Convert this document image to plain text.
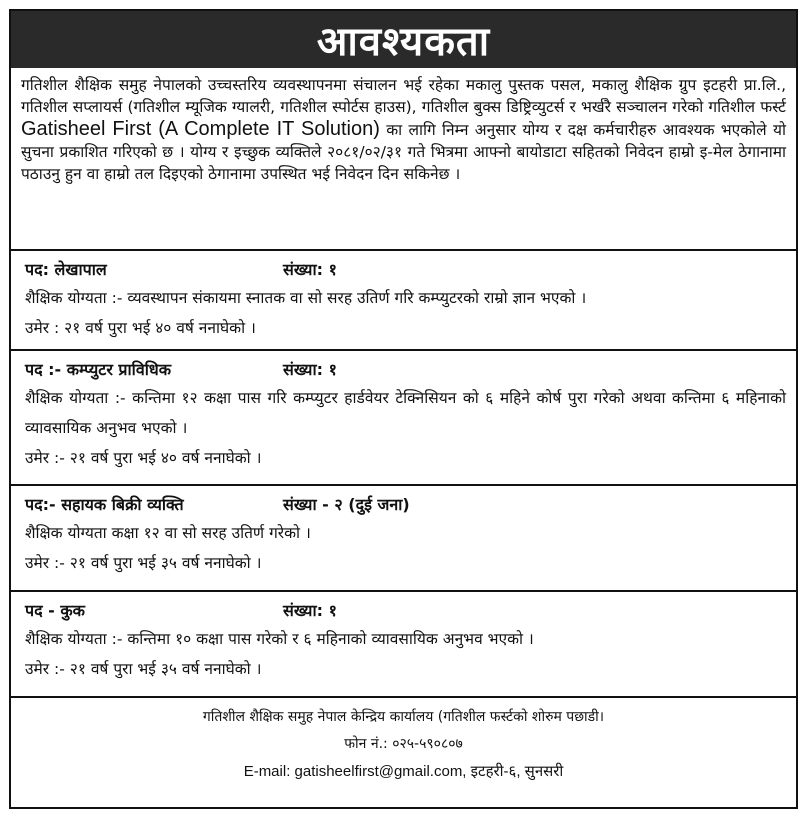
आवश्यकता
गतिशील शैक्षिक समुह नेपालको उच्चस्तरिय व्यवस्थापनमा संचालन भई रहेका मकालु पुस्तक पसल, मकालु शैक्षिक ग्रुप इटहरी प्रा.लि., गतिशील सप्लायर्स (गतिशील म्यूजिक ग्यालरी, गतिशील स्पोर्टस हाउस), गतिशील बुक्स डिष्ट्रिव्युटर्स र भर्खरै सञ्चालन गरेको गतिशील फर्स्ट Gatisheel First (A Complete IT Solution) का लागि निम्न अनुसार योग्य र दक्ष कर्मचारीहरु आवश्यक भएकोले यो सुचना प्रकाशित गरिएको छ । योग्य र इच्छुक व्यक्तिले २०८१/०२/३१ गते भित्रमा आफ्नो बायोडाटा सहितको निवेदन हाम्रो इ-मेल ठेगानामा पठाउनु हुन वा हाम्रो तल दिइएको ठेगानामा उपस्थित भई निवेदन दिन सकिनेछ ।
पद: लेखापाल	संख्या: १
शैक्षिक योग्यता :- व्यवस्थापन संकायमा स्नातक वा सो सरह उतिर्ण गरि कम्प्युटरको राम्रो ज्ञान भएको ।
उमेर : २१ वर्ष पुरा भई ४० वर्ष ननाघेको ।
पद :- कम्प्युटर प्राविधिक	संख्या: १
शैक्षिक योग्यता :- कन्तिमा १२ कक्षा पास गरि कम्प्युटर हार्डवेयर टेक्निसियन को ६ महिने कोर्ष पुरा गरेको अथवा कन्तिमा ६ महिनाको व्यावसायिक अनुभव भएको ।
उमेर :- २१ वर्ष पुरा भई ४० वर्ष ननाघेको ।
पद:- सहायक बिक्री व्यक्ति	संख्या - २ (दुई जना)
शैक्षिक योग्यता कक्षा १२ वा सो सरह उतिर्ण गरेको ।
उमेर :- २१ वर्ष पुरा भई ३५ वर्ष ननाघेको ।
पद - कुक	संख्या: १
शैक्षिक योग्यता :- कन्तिमा १० कक्षा पास गरेको र ६ महिनाको व्यावसायिक अनुभव भएको ।
उमेर :- २१ वर्ष पुरा भई ३५ वर्ष ननाघेको ।
गतिशील शैक्षिक समुह नेपाल केन्द्रिय कार्यालय (गतिशील फर्स्टको शोरुम पछाडी।
फोन नं.: ०२५-५९०८०७
E-mail: gatisheelfirst@gmail.com, इटहरी-६, सुनसरी
